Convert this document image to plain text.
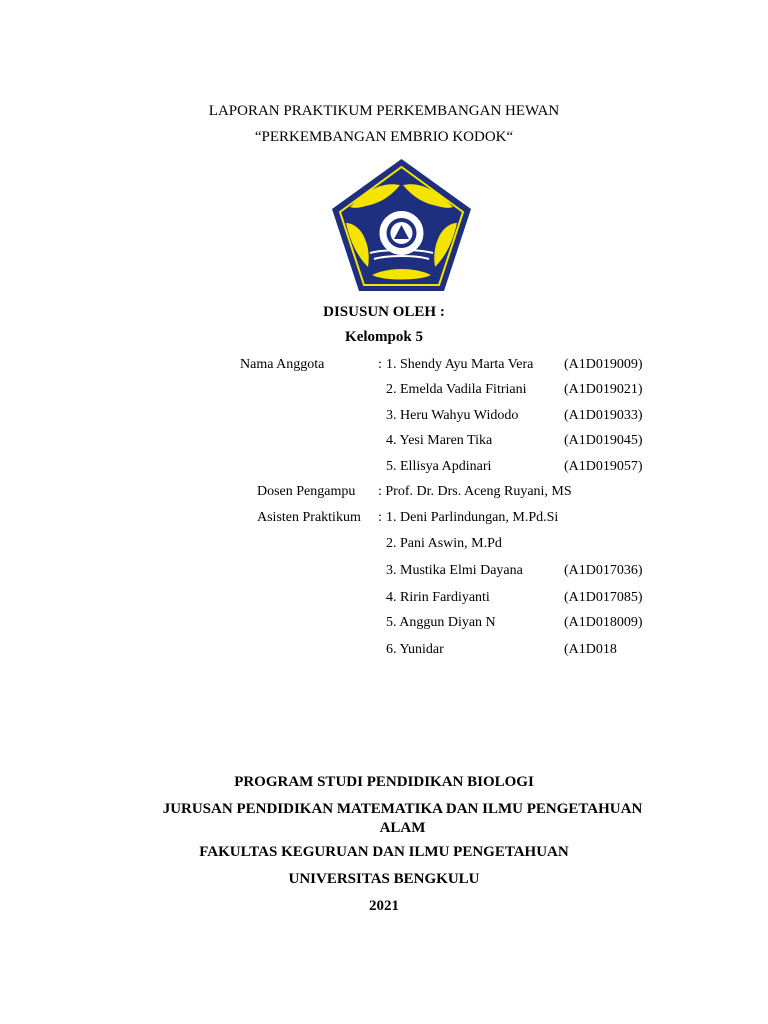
LAPORAN PRAKTIKUM PERKEMBANGAN HEWAN
“PERKEMBANGAN EMBRIO KODOK“
DISUSUN OLEH :
Kelompok 5
Nama Anggota	: 1. Shendy Ayu Marta Vera (A1D019009)
2. Emelda Vadila Fitriani	(A1D019021)
3. Heru Wahyu Widodo	(A1D019033)
4. Yesi Maren Tika	(A1D019045)
5. Ellisya Apdinari	(A1D019057)
Dosen Pengampu : Prof. Dr. Drs. Aceng Ruyani, MS
Asisten Praktikum : 1. Deni Parlindungan, M.Pd.Si
2. Pani Aswin, M.Pd
3. Mustika Elmi Dayana	(A1D017036)
4. Ririn Fardiyanti	(A1D017085)
5. Anggun Diyan N	(A1D018009)
6. Yunidar	(A1D018
PROGRAM STUDI PENDIDIKAN BIOLOGI
JURUSAN PENDIDIKAN MATEMATIKA DAN ILMU PENGETAHUAN ALAM
FAKULTAS KEGURUAN DAN ILMU PENGETAHUAN
UNIVERSITAS BENGKULU
2021
